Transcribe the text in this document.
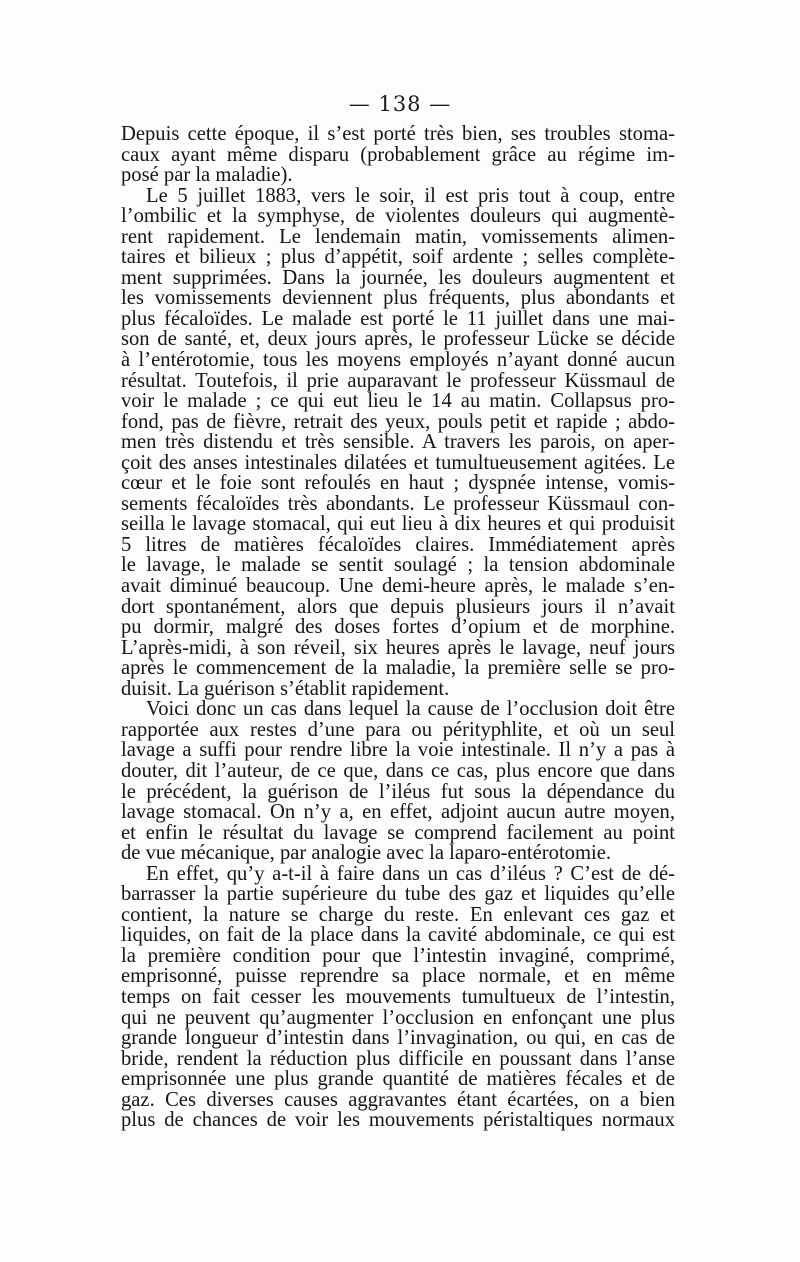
— 138 —
Depuis cette époque, il s’est porté très bien, ses troubles stoma-
caux ayant même disparu (probablement grâce au régime im-
posé par la maladie).
Le 5 juillet 1883, vers le soir, il est pris tout à coup, entre
l’ombilic et la symphyse, de violentes douleurs qui augmentè-
rent rapidement. Le lendemain matin, vomissements alimen-
taires et bilieux ; plus d’appétit, soif ardente ; selles complète-
ment supprimées. Dans la journée, les douleurs augmentent et
les vomissements deviennent plus fréquents, plus abondants et
plus fécaloïdes. Le malade est porté le 11 juillet dans une mai-
son de santé, et, deux jours après, le professeur Lücke se décide
à l’entérotomie, tous les moyens employés n’ayant donné aucun
résultat. Toutefois, il prie auparavant le professeur Küssmaul de
voir le malade ; ce qui eut lieu le 14 au matin. Collapsus pro-
fond, pas de fièvre, retrait des yeux, pouls petit et rapide ; abdo-
men très distendu et très sensible. A travers les parois, on aper-
çoit des anses intestinales dilatées et tumultueusement agitées. Le
cœur et le foie sont refoulés en haut ; dyspnée intense, vomis-
sements fécaloïdes très abondants. Le professeur Küssmaul con-
seilla le lavage stomacal, qui eut lieu à dix heures et qui produisit
5 litres de matières fécaloïdes claires. Immédiatement après
le lavage, le malade se sentit soulagé ; la tension abdominale
avait diminué beaucoup. Une demi-heure après, le malade s’en-
dort spontanément, alors que depuis plusieurs jours il n’avait
pu dormir, malgré des doses fortes d’opium et de morphine.
L’après-midi, à son réveil, six heures après le lavage, neuf jours
après le commencement de la maladie, la première selle se pro-
duisit. La guérison s’établit rapidement.
Voici donc un cas dans lequel la cause de l’occlusion doit être
rapportée aux restes d’une para ou pérityphlite, et où un seul
lavage a suffi pour rendre libre la voie intestinale. Il n’y a pas à
douter, dit l’auteur, de ce que, dans ce cas, plus encore que dans
le précédent, la guérison de l’iléus fut sous la dépendance du
lavage stomacal. On n’y a, en effet, adjoint aucun autre moyen,
et enfin le résultat du lavage se comprend facilement au point
de vue mécanique, par analogie avec la laparo-entérotomie.
En effet, qu’y a-t-il à faire dans un cas d’iléus ? C’est de dé-
barrasser la partie supérieure du tube des gaz et liquides qu’elle
contient, la nature se charge du reste. En enlevant ces gaz et
liquides, on fait de la place dans la cavité abdominale, ce qui est
la première condition pour que l’intestin invaginé, comprimé,
emprisonné, puisse reprendre sa place normale, et en même
temps on fait cesser les mouvements tumultueux de l’intestin,
qui ne peuvent qu’augmenter l’occlusion en enfonçant une plus
grande longueur d’intestin dans l’invagination, ou qui, en cas de
bride, rendent la réduction plus difficile en poussant dans l’anse
emprisonnée une plus grande quantité de matières fécales et de
gaz. Ces diverses causes aggravantes étant écartées, on a bien
plus de chances de voir les mouvements péristaltiques normaux
